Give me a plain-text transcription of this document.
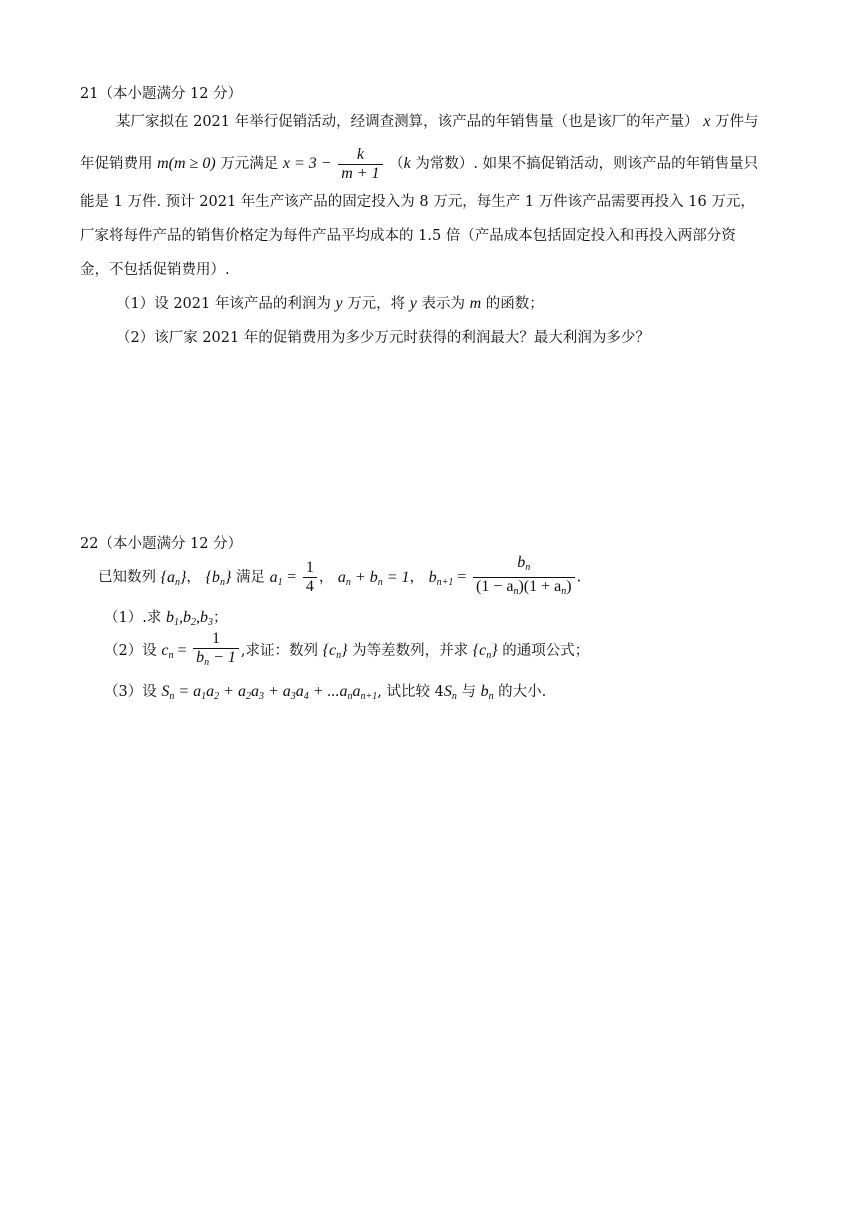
21（本小题满分 12 分）
某厂家拟在 2021 年举行促销活动，经调查测算，该产品的年销售量（也是该厂的年产量） x 万件与
年促销费用 m(m ≥ 0) 万元满足 $x = 3 - \frac{k}{m + 1} (k$ 为常数）. 如果不搞促销活动，则该产品的年销售量只
能是 1 万件. 预计 2021 年生产该产品的固定投入为 8 万元，每生产 1 万件该产品需要再投入 16 万元，
厂家将每件产品的销售价格定为每件产品平均成本的 1.5 倍（产品成本包括固定投入和再投入两部分资
金，不包括促销费用）.
（1）设 2021 年该产品的利润为 y 万元，将 y 表示为 m 的函数；
（2）该厂家 2021 年的促销费用为多少万元时获得的利润最大？最大利润为多少？
22（本小题满分 12 分）
已知数列 $\{a_n\}$， $\{b_n\}$ 满足 $a_1 = \frac{1}{4}$ ， $a_n + b_n = 1$， $b_{n+1} = \frac{b_n}{(1 - a_n)(1 + a_n)}$ .
（1）.求 $b_1,b_2,b_3$；
（2）设 $c_n = \frac{1}{b_n - 1}$ ,求证：数列 $\{c_n\}$ 为等差数列，并求 $\{c_n\}$ 的通项公式；
（3）设 $S_n = a_1a_2 + a_2a_3 + a_3a_4 + ...a_na_{n+1}$, 试比较 $4S_n$ 与 $b_n$ 的大小.
